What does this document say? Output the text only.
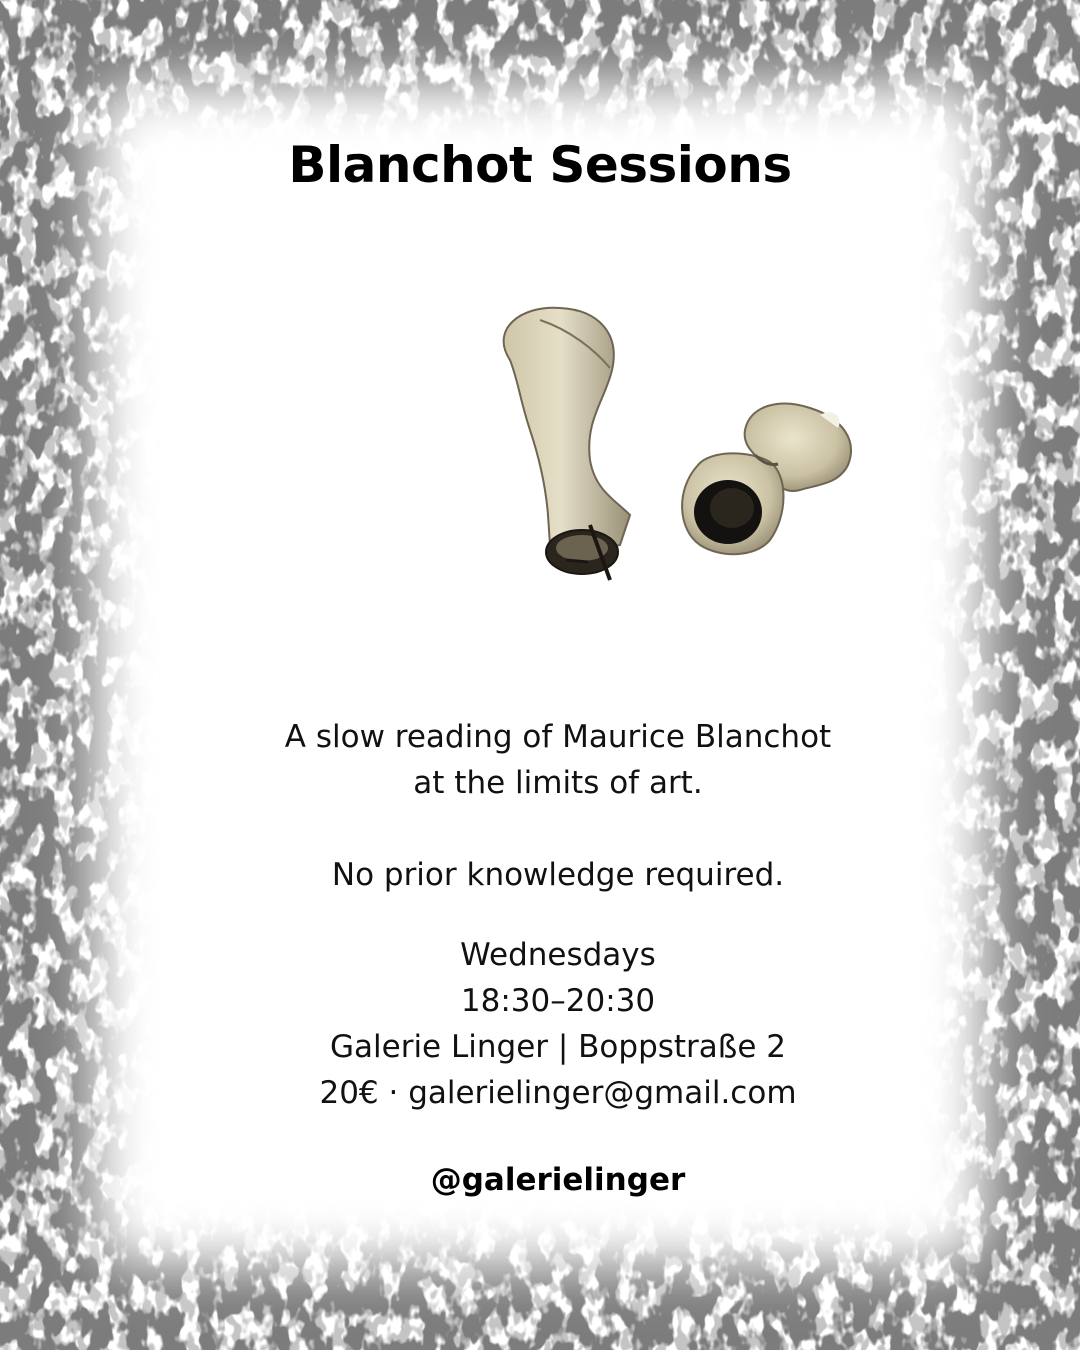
Blanchot Sessions
A slow reading of Maurice Blanchot
at the limits of art.
No prior knowledge required.
Wednesdays
18:30–20:30
Galerie Linger | Boppstraße 2
20€ · galerielinger@gmail.com
@galerielinger
